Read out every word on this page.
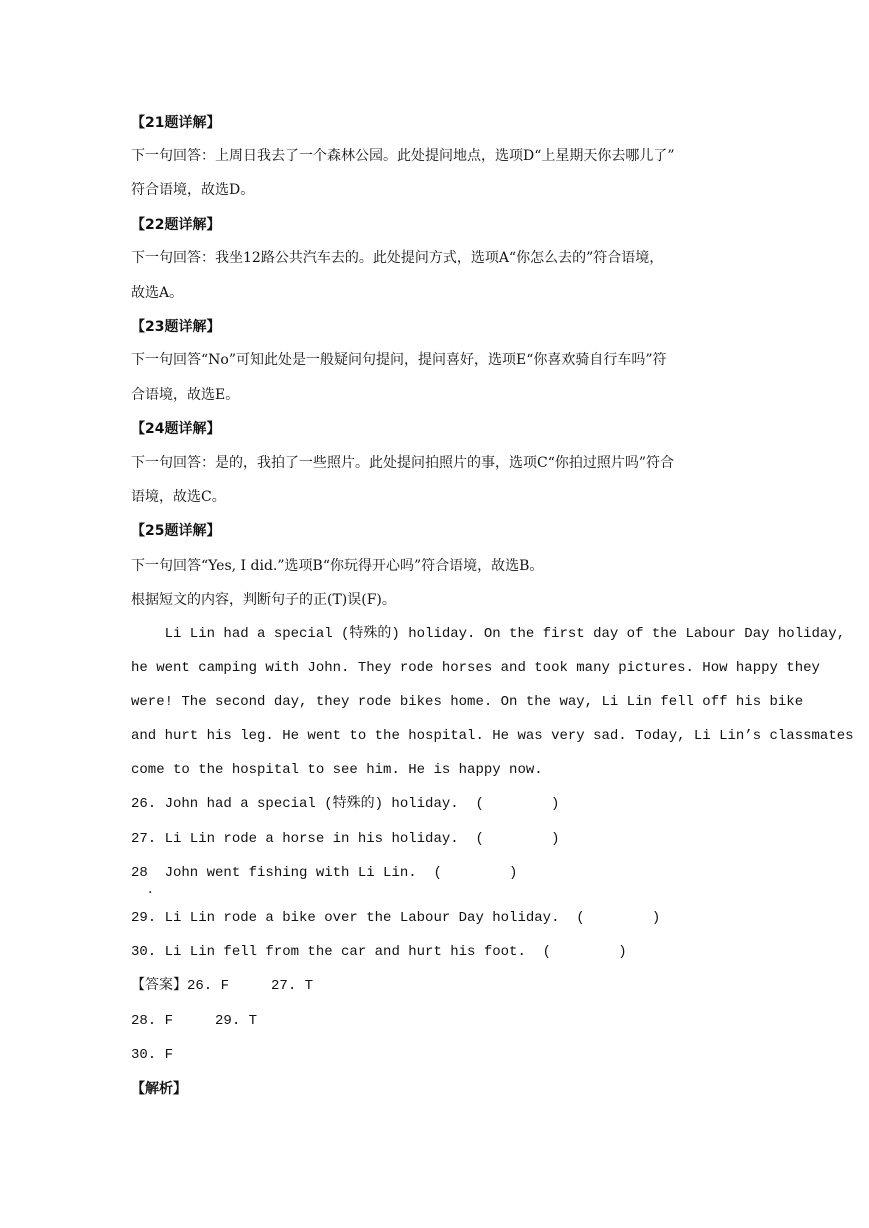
【21题详解】
下一句回答：上周日我去了一个森林公园。此处提问地点，选项D“上星期天你去哪儿了”
符合语境，故选D。
【22题详解】
下一句回答：我坐12路公共汽车去的。此处提问方式，选项A“你怎么去的”符合语境，
故选A。
【23题详解】
下一句回答“No”可知此处是一般疑问句提问，提问喜好，选项E“你喜欢骑自行车吗”符
合语境，故选E。
【24题详解】
下一句回答：是的，我拍了一些照片。此处提问拍照片的事，选项C“你拍过照片吗”符合
语境，故选C。
【25题详解】
下一句回答“Yes, I did.”选项B“你玩得开心吗”符合语境，故选B。
根据短文的内容，判断句子的正(T)误(F)。
Li Lin had a special (特殊的) holiday. On the first day of the Labour Day holiday,
he went camping with John. They rode horses and took many pictures. How happy they
were! The second day, they rode bikes home. On the way, Li Lin fell off his bike
and hurt his leg. He went to the hospital. He was very sad. Today, Li Lin’s classmates
come to the hospital to see him. He is happy now.
26. John had a special (特殊的) holiday.  (        )
27. Li Lin rode a horse in his holiday.  (        )
28  John went fishing with Li Lin.  (        )
.
29. Li Lin rode a bike over the Labour Day holiday.  (        )
30. Li Lin fell from the car and hurt his foot.  (        )
【答案】26. F     27. T
28. F     29. T
30. F
【解析】
